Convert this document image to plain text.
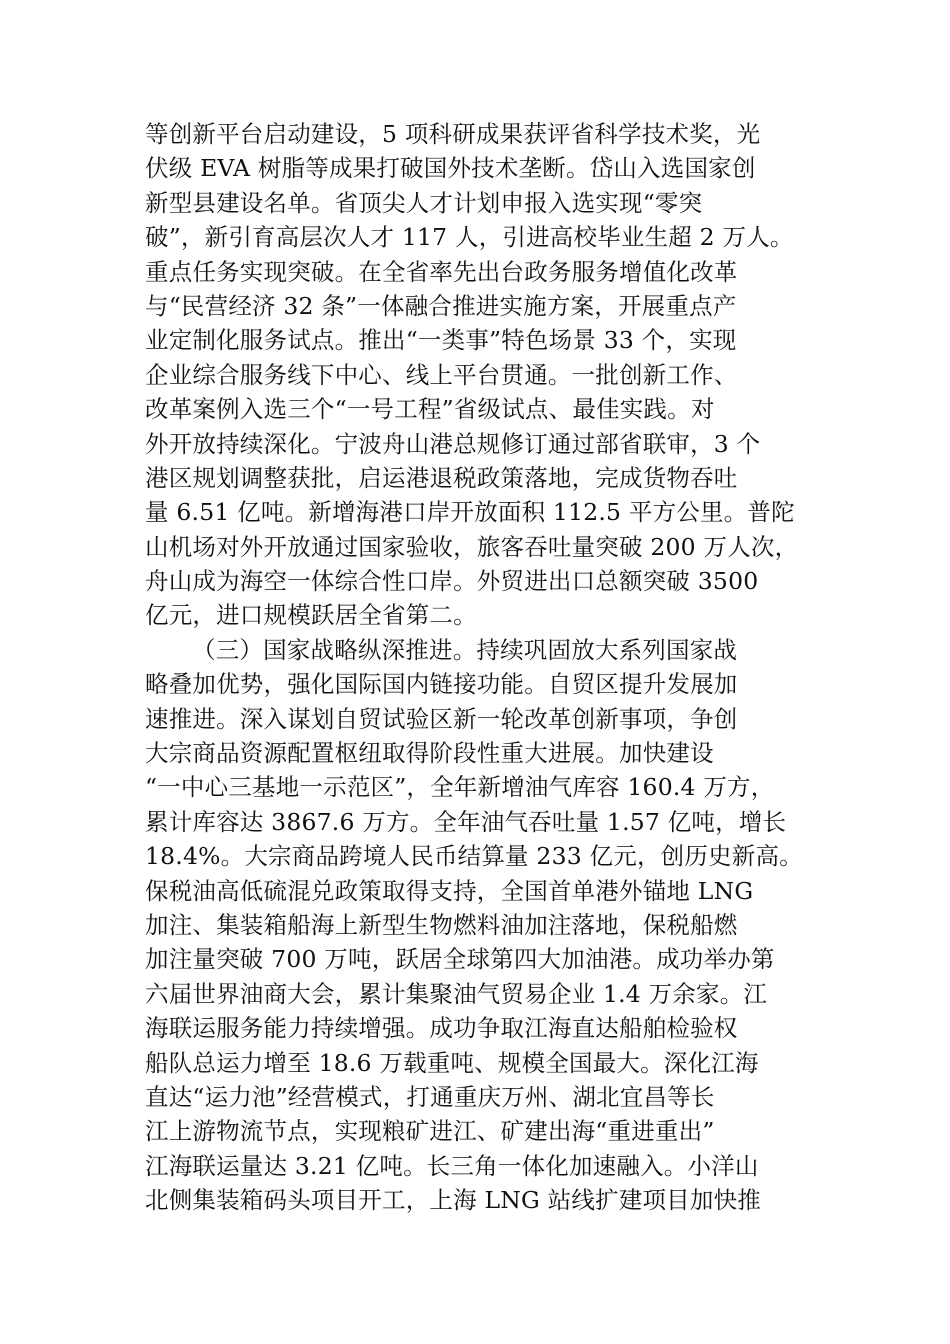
等创新平台启动建设，5 项科研成果获评省科学技术奖，光
伏级 EVA 树脂等成果打破国外技术垄断。岱山入选国家创
新型县建设名单。省顶尖人才计划申报入选实现“零突
破”，新引育高层次人才 117 人，引进高校毕业生超 2 万人。
重点任务实现突破。在全省率先出台政务服务增值化改革
与“民营经济 32 条”一体融合推进实施方案，开展重点产
业定制化服务试点。推出“一类事”特色场景 33 个，实现
企业综合服务线下中心、线上平台贯通。一批创新工作、
改革案例入选三个“一号工程”省级试点、最佳实践。对
外开放持续深化。宁波舟山港总规修订通过部省联审，3 个
港区规划调整获批，启运港退税政策落地，完成货物吞吐
量 6.51 亿吨。新增海港口岸开放面积 112.5 平方公里。普陀
山机场对外开放通过国家验收，旅客吞吐量突破 200 万人次，
舟山成为海空一体综合性口岸。外贸进出口总额突破 3500
亿元，进口规模跃居全省第二。
（三）国家战略纵深推进。持续巩固放大系列国家战
略叠加优势，强化国际国内链接功能。自贸区提升发展加
速推进。深入谋划自贸试验区新一轮改革创新事项，争创
大宗商品资源配置枢纽取得阶段性重大进展。加快建设
“一中心三基地一示范区”，全年新增油气库容 160.4 万方，
累计库容达 3867.6 万方。全年油气吞吐量 1.57 亿吨，增长
18.4%。大宗商品跨境人民币结算量 233 亿元，创历史新高。
保税油高低硫混兑政策取得支持，全国首单港外锚地 LNG
加注、集装箱船海上新型生物燃料油加注落地，保税船燃
加注量突破 700 万吨，跃居全球第四大加油港。成功举办第
六届世界油商大会，累计集聚油气贸易企业 1.4 万余家。江
海联运服务能力持续增强。成功争取江海直达船舶检验权
船队总运力增至 18.6 万载重吨、规模全国最大。深化江海
直达“运力池”经营模式，打通重庆万州、湖北宜昌等长
江上游物流节点，实现粮矿进江、矿建出海“重进重出”
江海联运量达 3.21 亿吨。长三角一体化加速融入。小洋山
北侧集装箱码头项目开工，上海 LNG 站线扩建项目加快推
